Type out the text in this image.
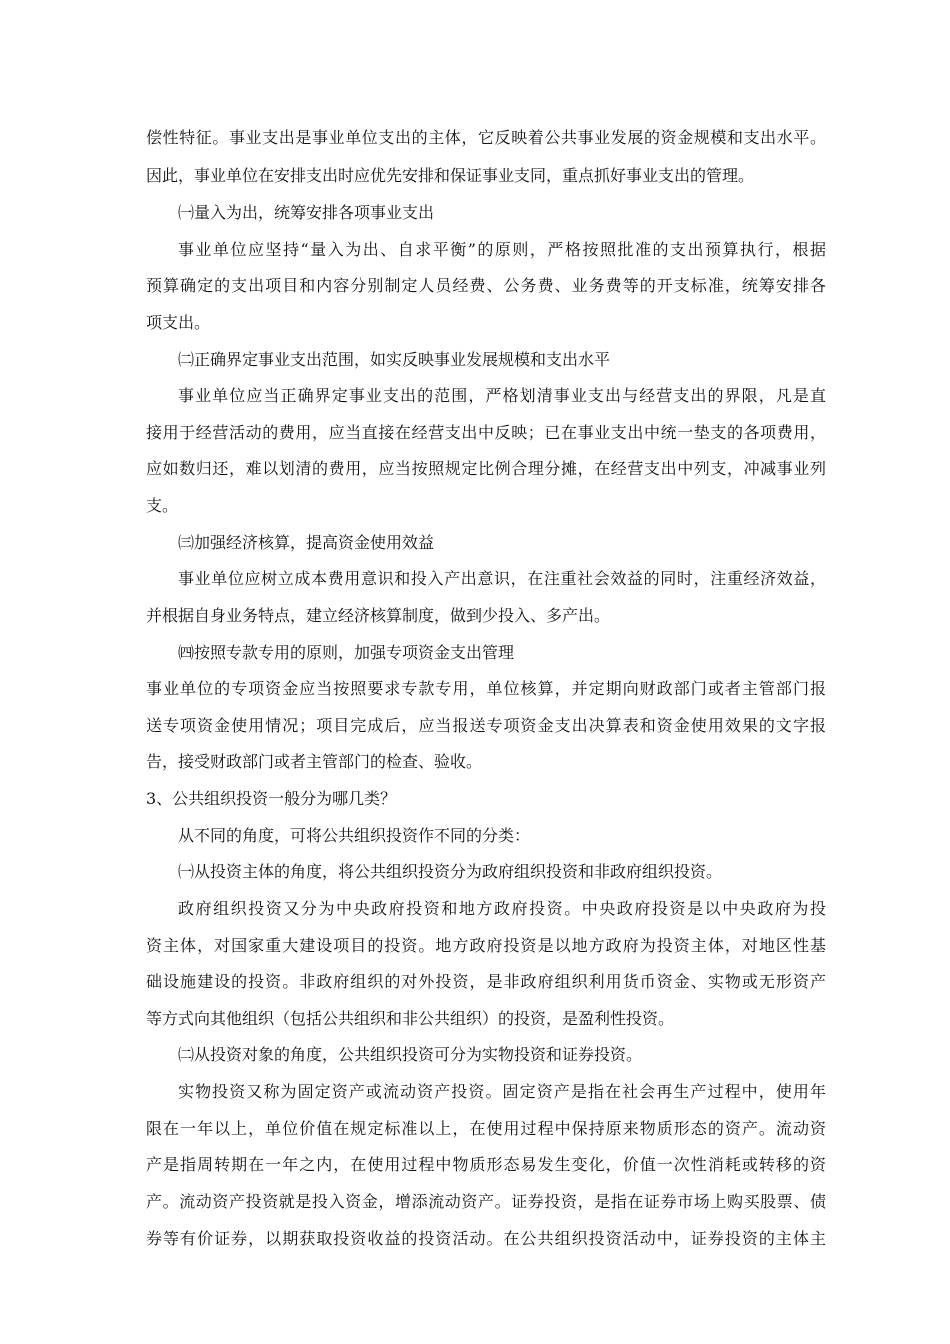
偿性特征。事业支出是事业单位支出的主体，它反映着公共事业发展的资金规模和支出水平。
因此，事业单位在安排支出时应优先安排和保证事业支同，重点抓好事业支出的管理。
㈠量入为出，统筹安排各项事业支出
事业单位应坚持“量入为出、自求平衡”的原则，严格按照批准的支出预算执行，根据
预算确定的支出项目和内容分别制定人员经费、公务费、业务费等的开支标准，统筹安排各
项支出。
㈡正确界定事业支出范围，如实反映事业发展规模和支出水平
事业单位应当正确界定事业支出的范围，严格划清事业支出与经营支出的界限，凡是直
接用于经营活动的费用，应当直接在经营支出中反映；已在事业支出中统一垫支的各项费用，
应如数归还，难以划清的费用，应当按照规定比例合理分摊，在经营支出中列支，冲减事业列
支。
㈢加强经济核算，提高资金使用效益
事业单位应树立成本费用意识和投入产出意识，在注重社会效益的同时，注重经济效益，
并根据自身业务特点，建立经济核算制度，做到少投入、多产出。
㈣按照专款专用的原则，加强专项资金支出管理
事业单位的专项资金应当按照要求专款专用，单位核算，并定期向财政部门或者主管部门报
送专项资金使用情况；项目完成后，应当报送专项资金支出决算表和资金使用效果的文字报
告，接受财政部门或者主管部门的检查、验收。
3、公共组织投资一般分为哪几类？
从不同的角度，可将公共组织投资作不同的分类：
㈠从投资主体的角度，将公共组织投资分为政府组织投资和非政府组织投资。
政府组织投资又分为中央政府投资和地方政府投资。中央政府投资是以中央政府为投
资主体，对国家重大建设项目的投资。地方政府投资是以地方政府为投资主体，对地区性基
础设施建设的投资。非政府组织的对外投资，是非政府组织利用货币资金、实物或无形资产
等方式向其他组织（包括公共组织和非公共组织）的投资，是盈利性投资。
㈡从投资对象的角度，公共组织投资可分为实物投资和证券投资。
实物投资又称为固定资产或流动资产投资。固定资产是指在社会再生产过程中，使用年
限在一年以上，单位价值在规定标准以上，在使用过程中保持原来物质形态的资产。流动资
产是指周转期在一年之内，在使用过程中物质形态易发生变化，价值一次性消耗或转移的资
产。流动资产投资就是投入资金，增添流动资产。证券投资，是指在证券市场上购买股票、债
券等有价证券，以期获取投资收益的投资活动。在公共组织投资活动中，证券投资的主体主
